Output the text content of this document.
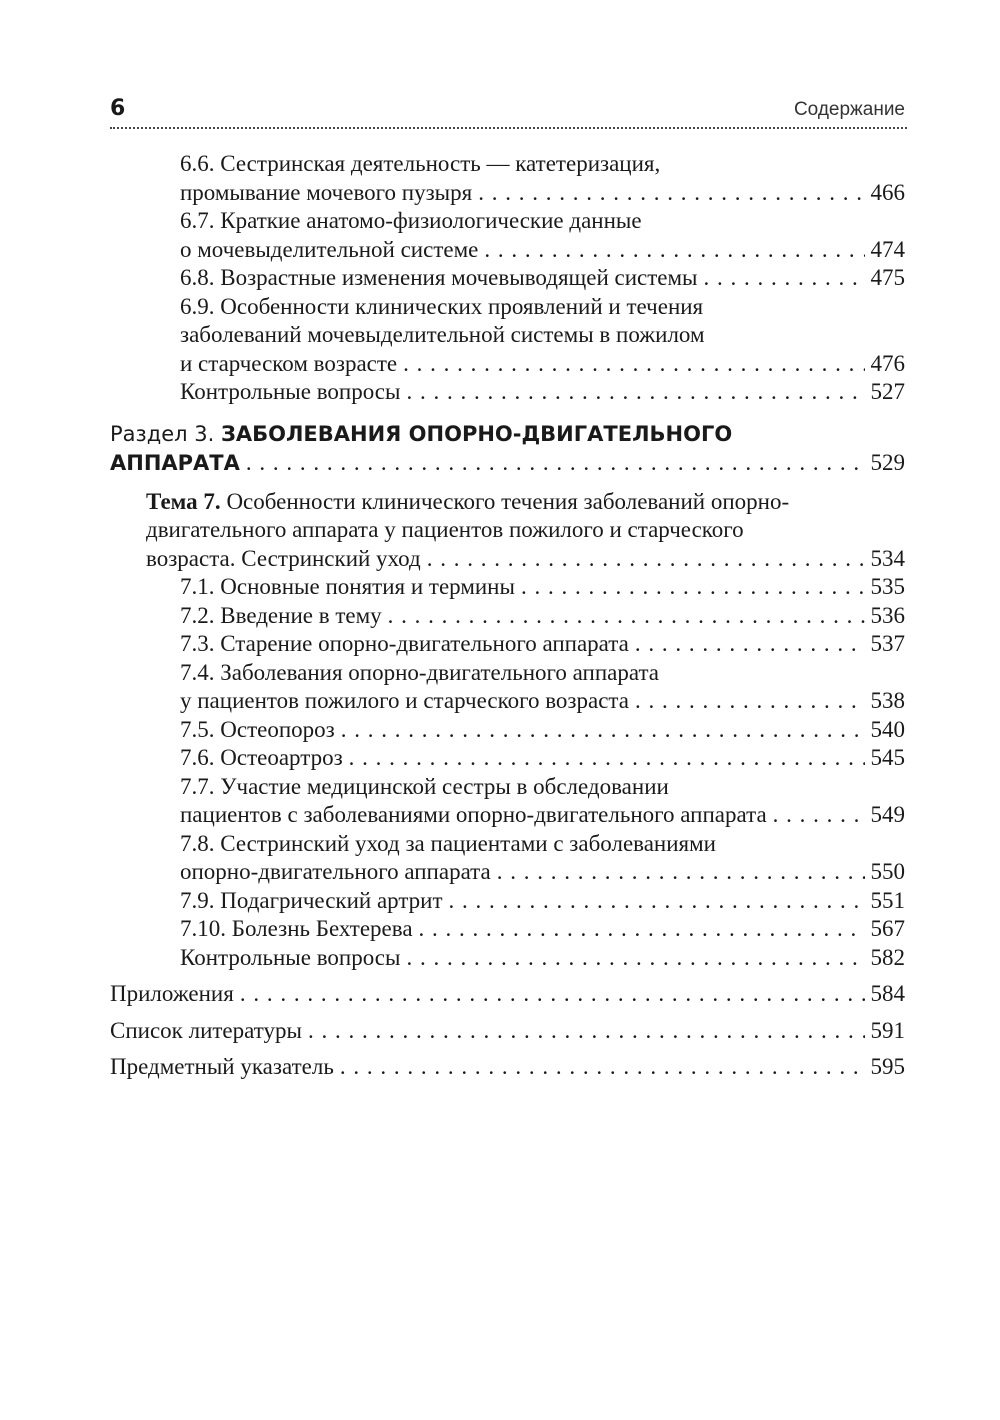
6	Содержание
6.6. Сестринская деятельность — катетеризация,
промывание мочевого пузыря . . .	466
6.7. Краткие анатомо-физиологические данные
о мочевыделительной системе . . .	474
6.8. Возрастные изменения мочевыводящей системы . . .	475
6.9. Особенности клинических проявлений и течения
заболеваний мочевыделительной системы в пожилом
и старческом возрасте . . .	476
Контрольные вопросы . . .	527
Раздел 3. ЗАБОЛЕВАНИЯ ОПОРНО-ДВИГАТЕЛЬНОГО
АППАРАТА . . .	529
Тема 7. Особенности клинического течения заболеваний опорно-
двигательного аппарата у пациентов пожилого и старческого
возраста. Сестринский уход . . .	534
7.1. Основные понятия и термины . . .	535
7.2. Введение в тему . . .	536
7.3. Старение опорно-двигательного аппарата . . .	537
7.4. Заболевания опорно-двигательного аппарата
у пациентов пожилого и старческого возраста . . .	538
7.5. Остеопороз . . .	540
7.6. Остеоартроз . . .	545
7.7. Участие медицинской сестры в обследовании
пациентов с заболеваниями опорно-двигательного аппарата . . .	549
7.8. Сестринский уход за пациентами с заболеваниями
опорно-двигательного аппарата . . .	550
7.9. Подагрический артрит . . .	551
7.10. Болезнь Бехтерева . . .	567
Контрольные вопросы . . .	582
Приложения . . .	584
Список литературы . . .	591
Предметный указатель . . .	595
